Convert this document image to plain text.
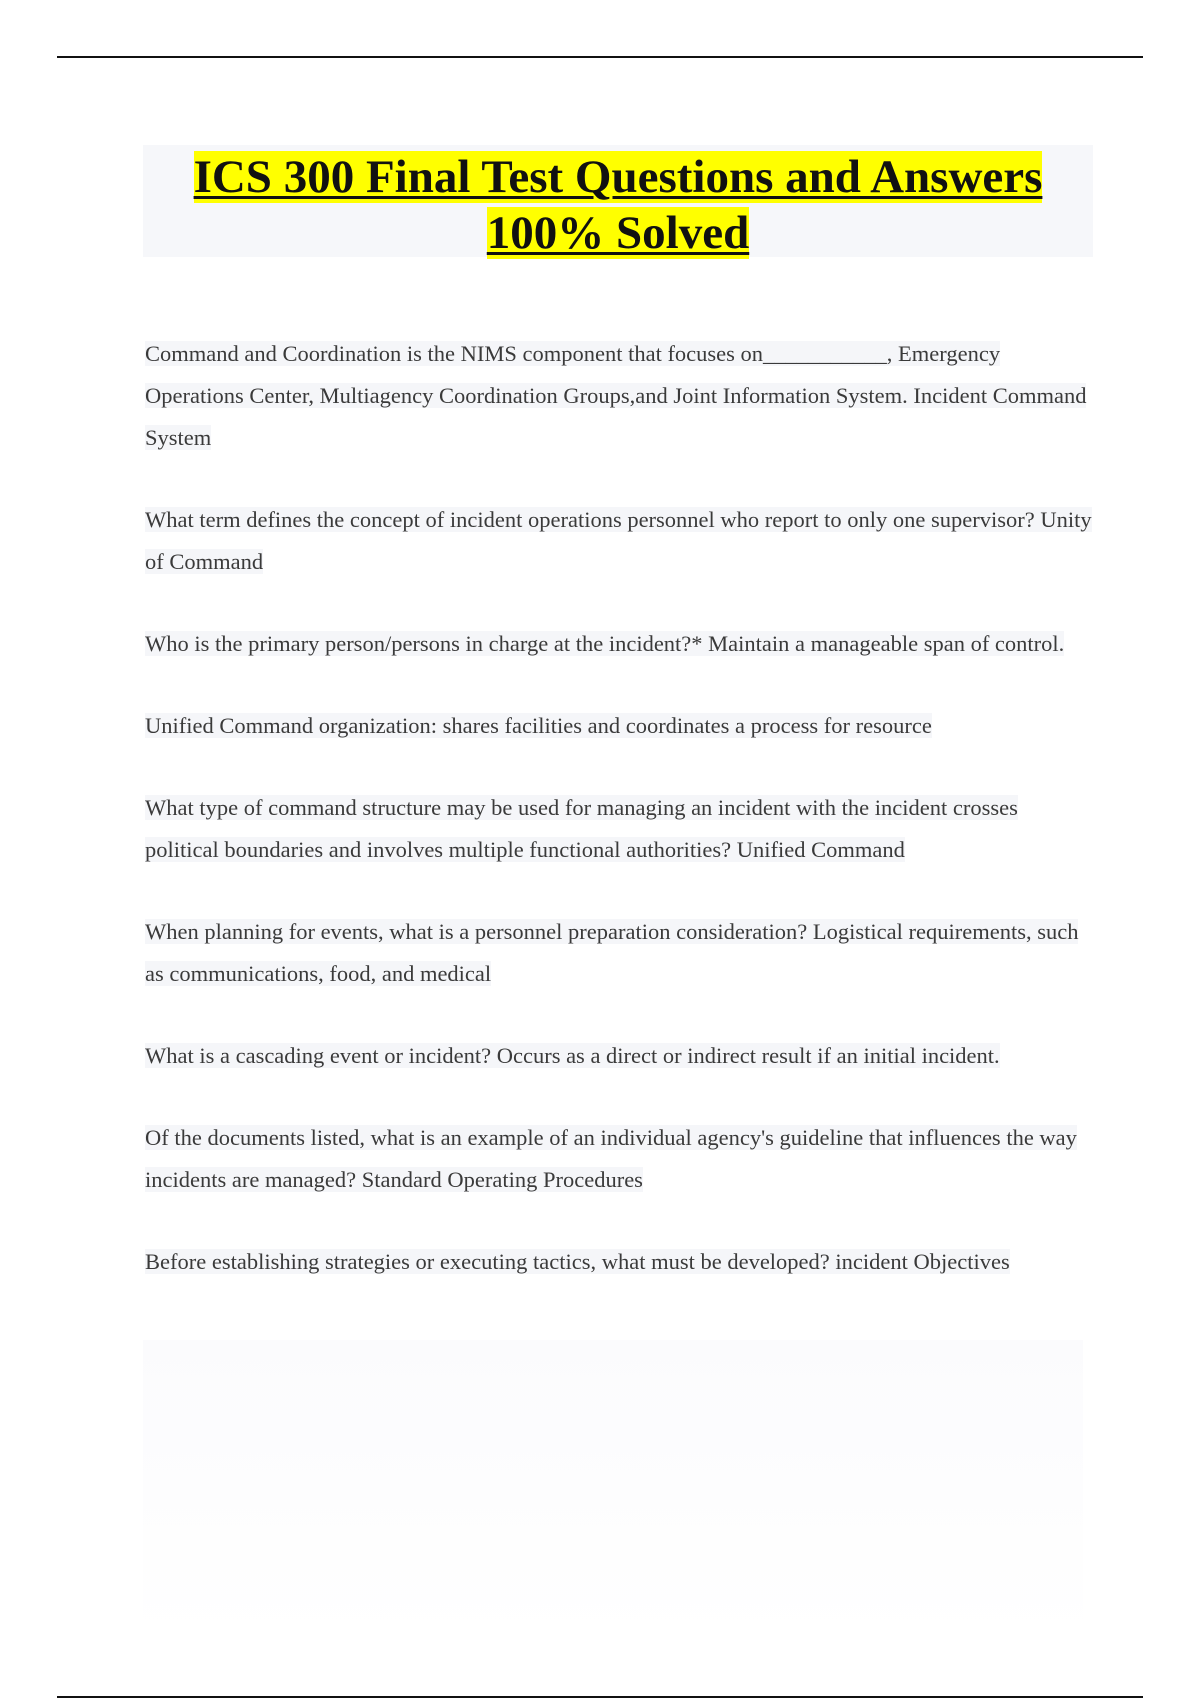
ICS 300 Final Test Questions and Answers 100% Solved

Command and Coordination is the NIMS component that focuses on___________, Emergency Operations Center, Multiagency Coordination Groups,and Joint Information System. Incident Command System

What term defines the concept of incident operations personnel who report to only one supervisor? Unity of Command

Who is the primary person/persons in charge at the incident?* Maintain a manageable span of control.

Unified Command organization: shares facilities and coordinates a process for resource

What type of command structure may be used for managing an incident with the incident crosses political boundaries and involves multiple functional authorities? Unified Command

When planning for events, what is a personnel preparation consideration? Logistical requirements, such as communications, food, and medical

What is a cascading event or incident? Occurs as a direct or indirect result if an initial incident.

Of the documents listed, what is an example of an individual agency's guideline that influences the way incidents are managed? Standard Operating Procedures

Before establishing strategies or executing tactics, what must be developed? incident Objectives
